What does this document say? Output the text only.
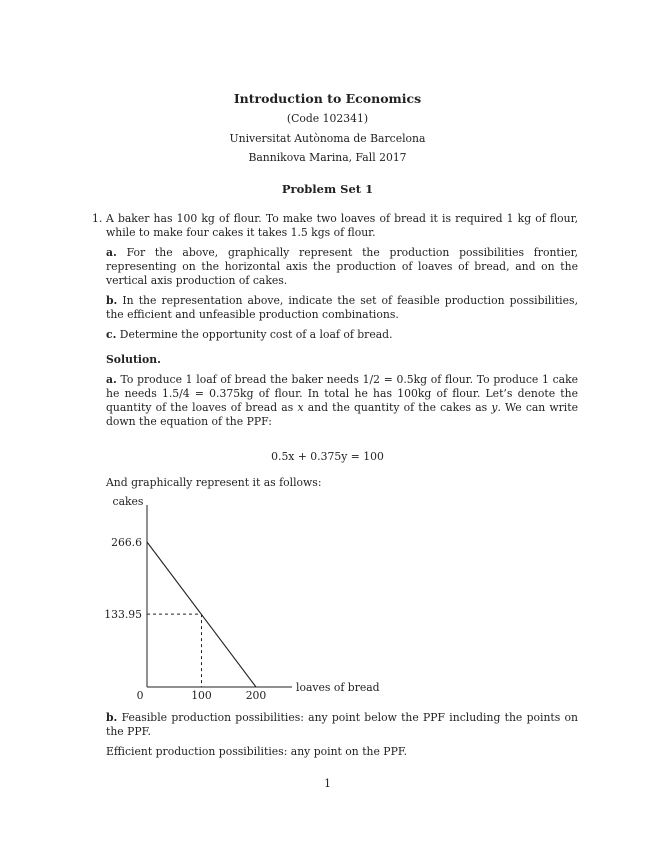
Introduction to Economics
(Code 102341)
Universitat Autònoma de Barcelona
Bannikova Marina, Fall 2017
Problem Set 1
1. A baker has 100 kg of flour. To make two loaves of bread it is required 1 kg of flour, while to make four cakes it takes 1.5 kgs of flour.
a. For the above, graphically represent the production possibilities frontier, representing on the horizontal axis the production of loaves of bread, and on the vertical axis production of cakes.
b. In the representation above, indicate the set of feasible production possibilities, the efficient and unfeasible production combinations.
c. Determine the opportunity cost of a loaf of bread.
Solution.
a. To produce 1 loaf of bread the baker needs 1/2 = 0.5kg of flour. To produce 1 cake he needs 1.5/4 = 0.375kg of flour. In total he has 100kg of flour. Let’s denote the quantity of the loaves of bread as x and the quantity of the cakes as y. We can write down the equation of the PPF:
0.5x + 0.375y = 100
And graphically represent it as follows:
cakes
loaves of bread
133.95
266.6
0	100	200
b. Feasible production possibilities: any point below the PPF including the points on the PPF.
Efficient production possibilities: any point on the PPF.
1
